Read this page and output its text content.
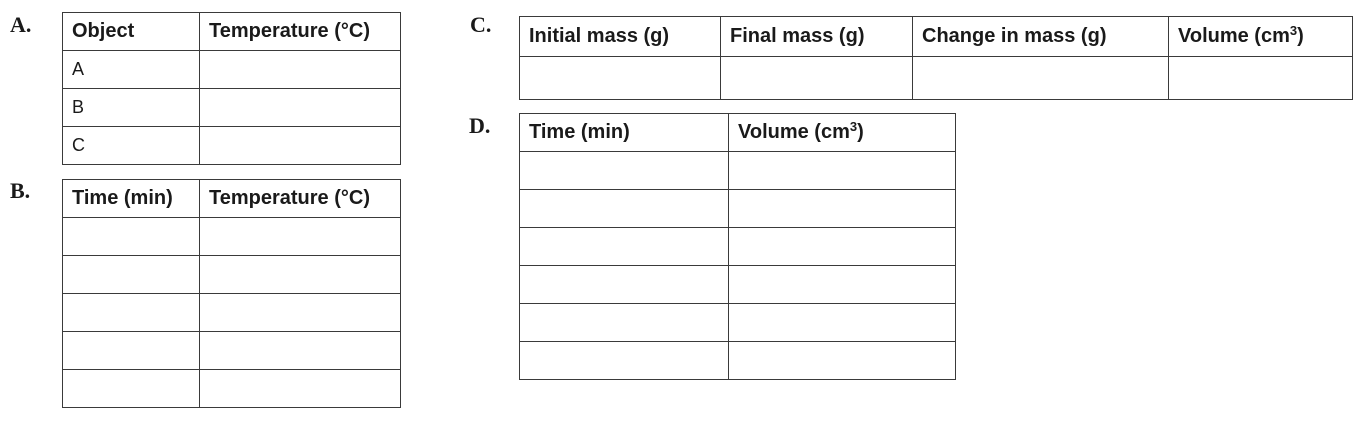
A. Object	Temperature (°C)
A	
B	
C	
B. Time (min)	Temperature (°C)

C. Initial mass (g)	Final mass (g)	Change in mass (g)	Volume $(cm^3)$

D. Time (min)	Volume $(cm^3)$
